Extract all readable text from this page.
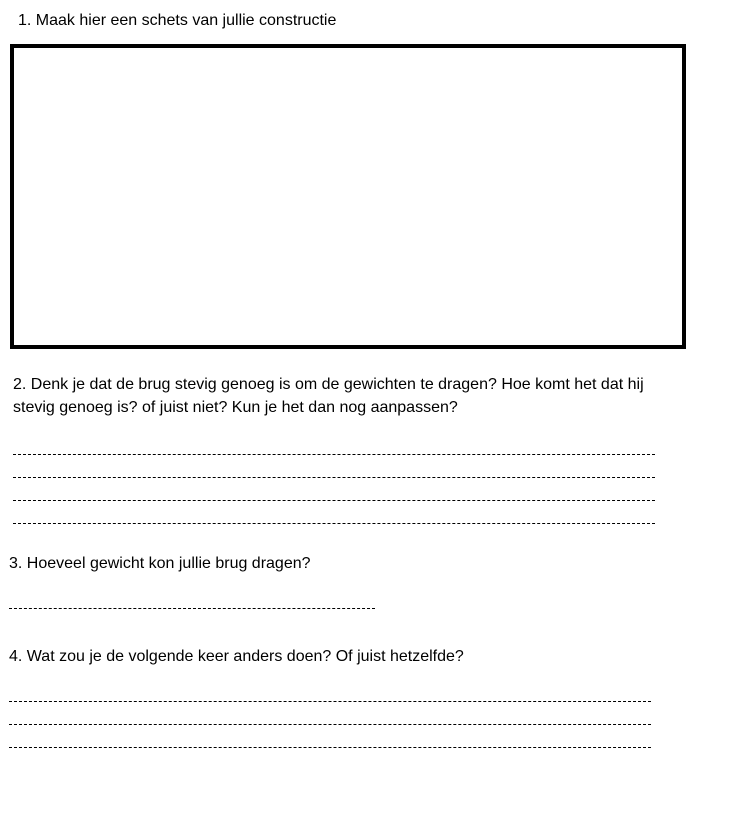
1. Maak hier een schets van jullie constructie

2. Denk je dat de brug stevig genoeg is om de gewichten te dragen? Hoe komt het dat hij stevig genoeg is? of juist niet? Kun je het dan nog aanpassen?

3. Hoeveel gewicht kon jullie brug dragen?

4. Wat zou je de volgende keer anders doen? Of juist hetzelfde?
